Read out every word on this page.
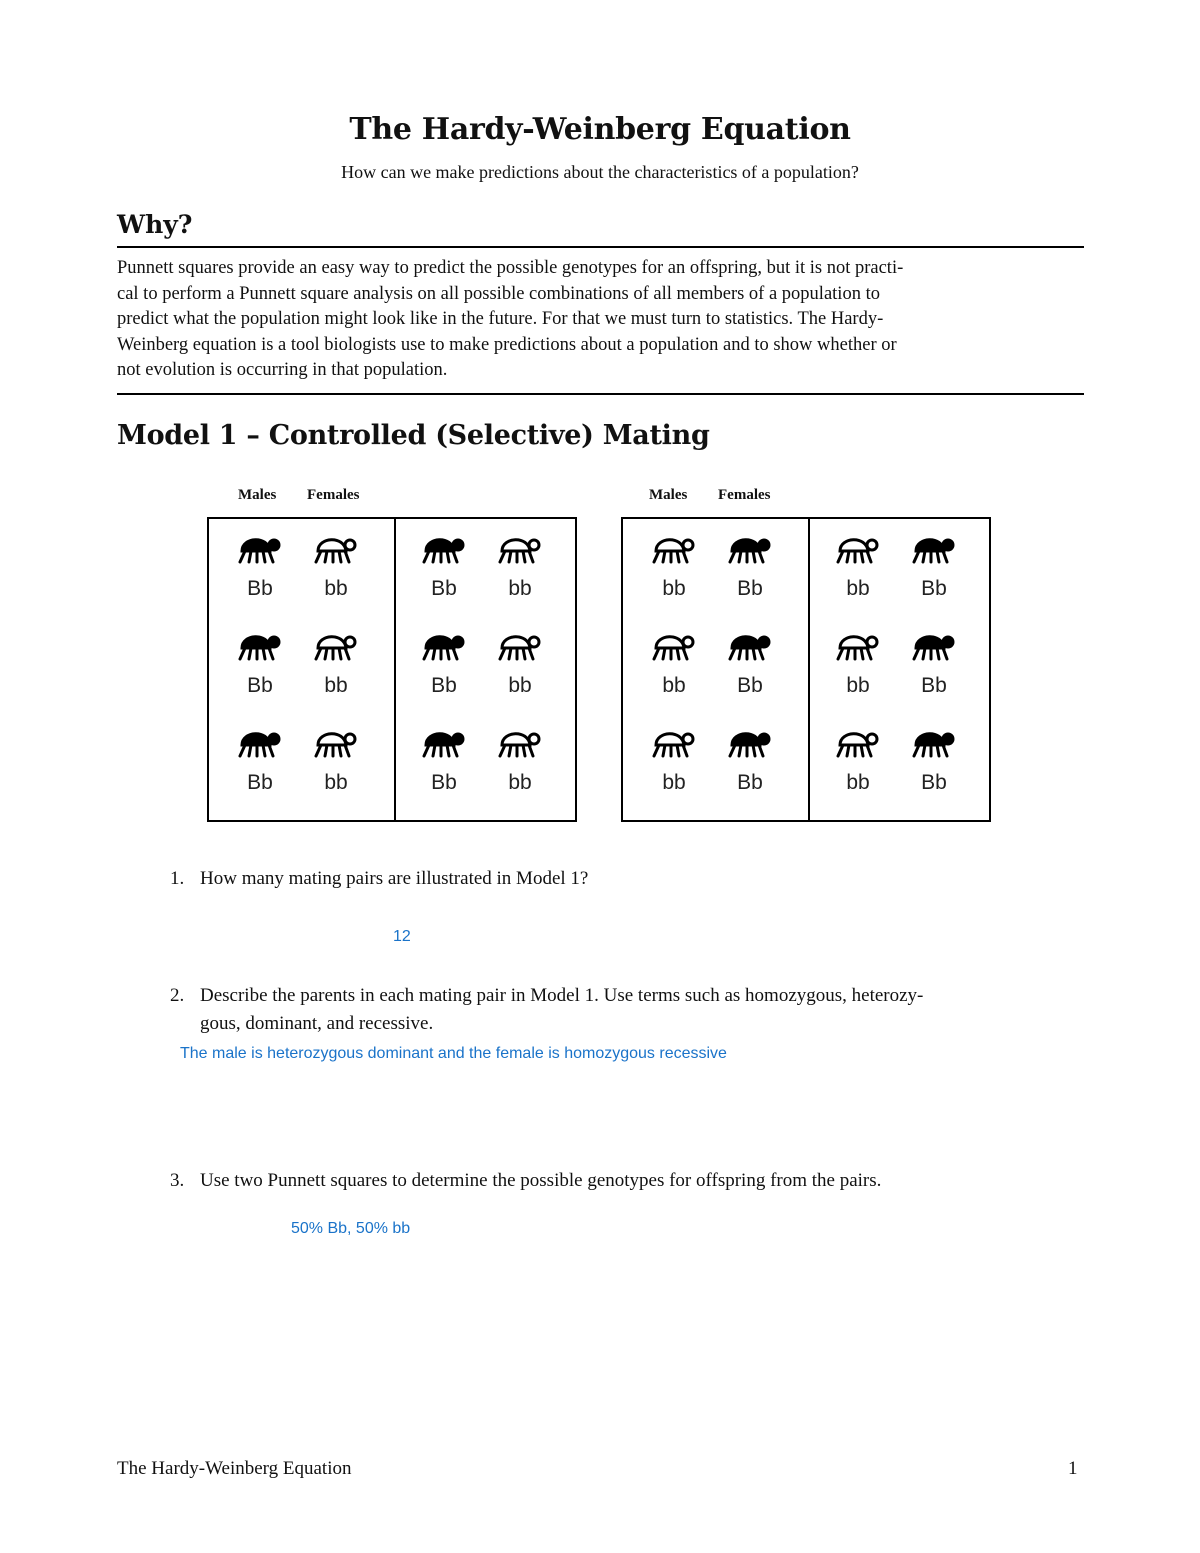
The Hardy-Weinberg Equation
How can we make predictions about the characteristics of a population?
Why?
Punnett squares provide an easy way to predict the possible genotypes for an offspring, but it is not practi-
cal to perform a Punnett square analysis on all possible combinations of all members of a population to
predict what the population might look like in the future. For that we must turn to statistics. The Hardy-
Weinberg equation is a tool biologists use to make predictions about a population and to show whether or
not evolution is occurring in that population.
Model 1 – Controlled (Selective) Mating
Males Females	Males Females
Bb	bb
Bb	bb
Bb	bb
Bb	bb
Bb	bb
Bb	bb
bb	Bb
bb	Bb
bb	Bb
bb	Bb
bb	Bb
bb	Bb
1. How many mating pairs are illustrated in Model 1?
12
2. Describe the parents in each mating pair in Model 1. Use terms such as homozygous, heterozy-
gous, dominant, and recessive.
The male is heterozygous dominant and the female is homozygous recessive
3. Use two Punnett squares to determine the possible genotypes for offspring from the pairs.
50% Bb, 50% bb
The Hardy-Weinberg Equation	1
